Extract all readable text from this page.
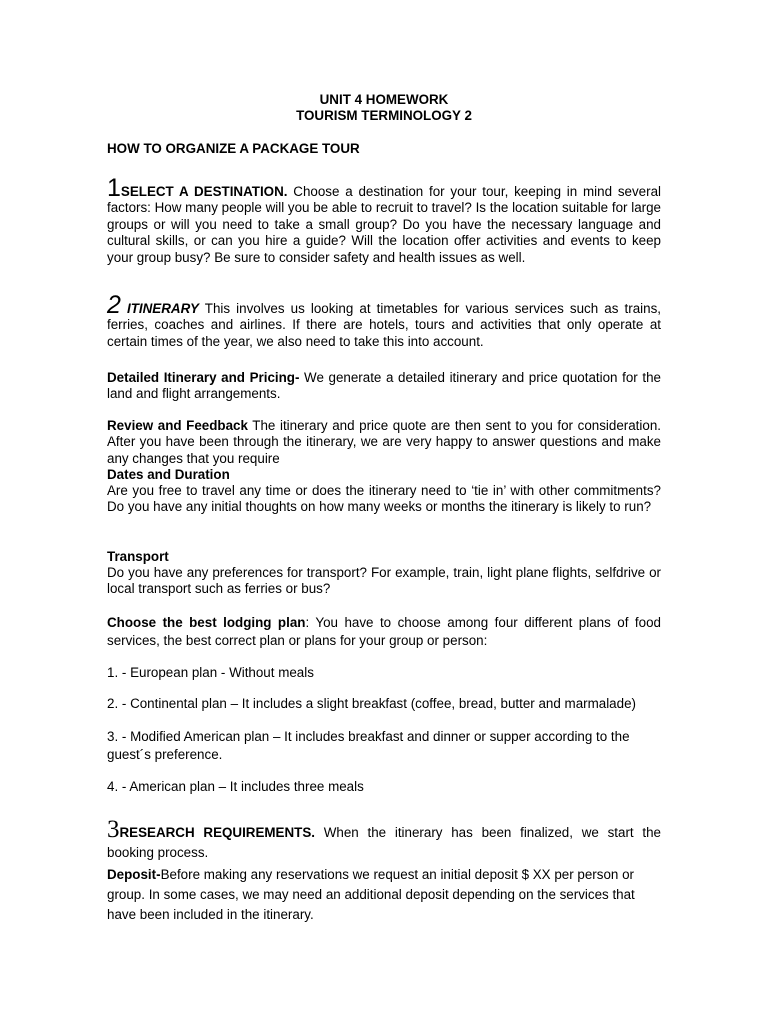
UNIT 4 HOMEWORK
TOURISM TERMINOLOGY 2
HOW TO ORGANIZE A PACKAGE TOUR

1SELECT A DESTINATION. Choose a destination for your tour, keeping in mind several factors: How many people will you be able to recruit to travel? Is the location suitable for large groups or will you need to take a small group? Do you have the necessary language and cultural skills, or can you hire a guide? Will the location offer activities and events to keep your group busy? Be sure to consider safety and health issues as well.

2 ITINERARY This involves us looking at timetables for various services such as trains, ferries, coaches and airlines. If there are hotels, tours and activities that only operate at certain times of the year, we also need to take this into account.

Detailed Itinerary and Pricing- We generate a detailed itinerary and price quotation for the land and flight arrangements.

Review and Feedback The itinerary and price quote are then sent to you for consideration. After you have been through the itinerary, we are very happy to answer questions and make any changes that you require

Dates and Duration

Are you free to travel any time or does the itinerary need to ‘tie in’ with other commitments? Do you have any initial thoughts on how many weeks or months the itinerary is likely to run?

Transport

Do you have any preferences for transport? For example, train, light plane flights, selfdrive or local transport such as ferries or bus?

Choose the best lodging plan: You have to choose among four different plans of food services, the best correct plan or plans for your group or person:

1. - European plan - Without meals

2. - Continental plan – It includes a slight breakfast (coffee, bread, butter and marmalade)

3. - Modified American plan – It includes breakfast and dinner or supper according to the guest´s preference.

4. - American plan – It includes three meals

3RESEARCH REQUIREMENTS. When the itinerary has been finalized, we start the booking process.

Deposit-Before making any reservations we request an initial deposit $ XX per person or group. In some cases, we may need an additional deposit depending on the services that have been included in the itinerary.
